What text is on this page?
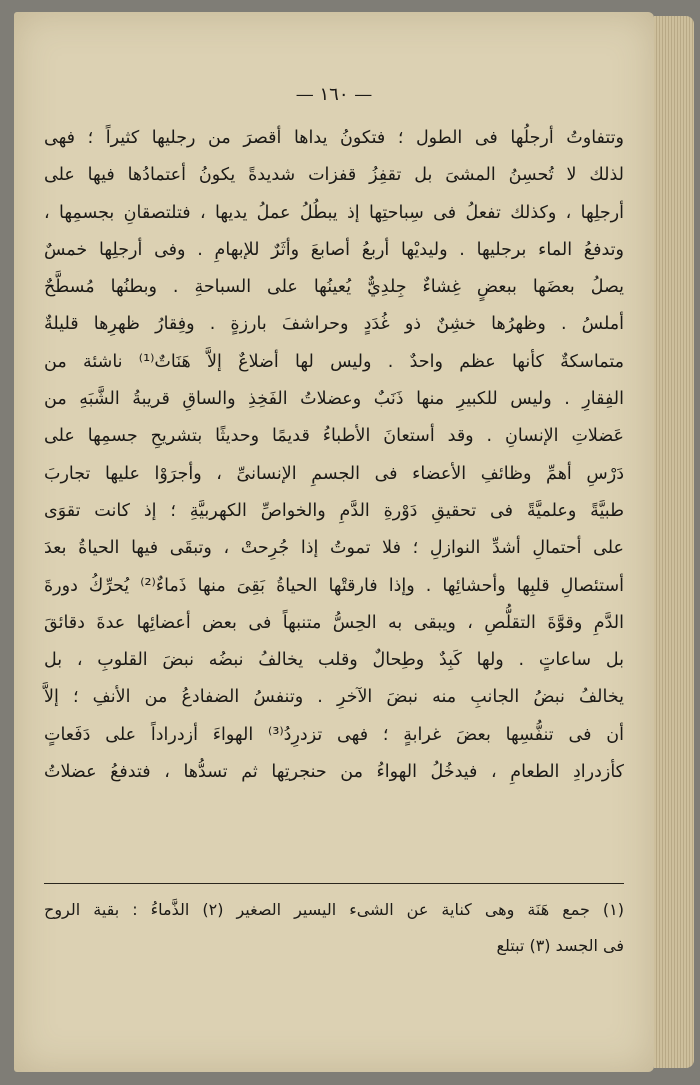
— ١٦٠ —
وتتفاوتُ أرجلُها فى الطول ؛ فتكونُ يداها أقصرَ من رجليها كثيراً ؛ فهى
لذلك لا تُحسِنُ المشىَ بل تقفِزُ قفزات شديدةً يكونُ أعتمادُها فيها على
أرجلِها ، وكذلك تفعلُ فى سِباحتِها إذ يبطُلُ عملُ يديها ، فتلتصقانِ بجسمِها ،
وتدفعُ الماء برجليها . وليديْها أربعُ أصابعَ وأثَرٌ للإبهامِ . وفى أرجلِها خمسٌ
يصلُ بعضَها ببعضٍ غِشاءٌ جِلدِيٌّ يُعينُها على السباحةِ . وبطنُها مُسطَّحٌ
أملسُ . وظهرُها خشِنٌ ذو غُدَدٍ وحراشفَ بارزةٍ . وفِقارُ ظهرِها قليلةٌ
متماسكةٌ كأنها عظم واحدٌ . وليس لها أضلاعٌ إلاَّ هَنَاتٌ⁽¹⁾ ناشئة من
الفِقارِ . وليس للكبيرِ منها ذَنَبٌ وعضلاتُ الفَخِذِ والساقِ قريبةُ الشَّبَهِ من
عَضلاتِ الإنسانِ . وقد أستعانَ الأطباءُ قديمًا وحديثًا بتشريحِ جسمِها على
دَرْسِ أهمِّ وظائفِ الأعضاء فى الجسمِ الإنسانىِّ ، وأجرَوْا عليها تجاربَ
طبيَّةً وعلميَّةً فى تحقيقِ دَوْرةِ الدَّمِ والخواصِّ الكهربيَّةِ ؛ إذ كانت تقوَى
على أحتمالِ أشدِّ النوازلِ ؛ فلا تموتُ إذا جُرِحتْ ، وتبقَى فيها الحياةُ بعدَ
أستئصالِ قلبِها وأحشائِها . وإذا فارقتْها الحياةُ بَقِىَ منها ذَماءٌ⁽²⁾ يُحرِّكُ دورةَ
الدَّمِ وقوَّةَ التقلُّصِ ، ويبقى به الحِسُّ متنبهاً فى بعض أعضائِها عدةَ دقائقَ
بل ساعاتٍ . ولها كَبِدٌ وطِحالٌ وقلب يخالفُ نبضُه نبضَ القلوبِ ، بل
يخالفُ نبضُ الجانبِ منه نبضَ الآخرِ . وتنفسُ الضفادعُ من الأنفِ ؛ إلاَّ
أن فى تنفُّسِها بعضَ غرابةٍ ؛ فهى تزدرِدُ⁽³⁾ الهواءَ أزدراداً على دَفَعاتٍ
كأزدرادِ الطعامِ ، فيدخُلُ الهواءُ من حنجرتِها ثم تسدُّها ، فتدفعُ عضلاتُ
(١) جمع هَنَة وهى كناية عن الشىء اليسير الصغير (٢) الذَّماءُ : بقية الروح
فى الجسد (٣) تبتلع
